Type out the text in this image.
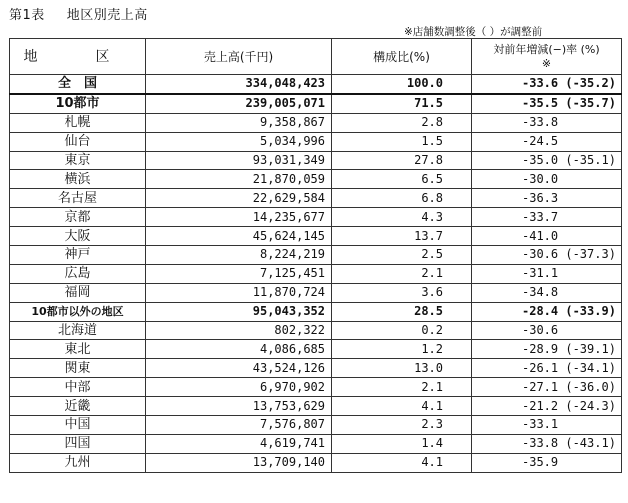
第1表 地区別売上高
※店舗数調整後（ ）が調整前
地　区	売上高(千円)	構成比(%)	対前年増減(−)率 (%)
※

全　国	334,048,423	100.0	-33.6 (-35.2)
10都市	239,005,071	71.5	-35.5 (-35.7)
札幌	9,358,867	2.8	-33.8
仙台	5,034,996	1.5	-24.5
東京	93,031,349	27.8	-35.0 (-35.1)
横浜	21,870,059	6.5	-30.0
名古屋	22,629,584	6.8	-36.3
京都	14,235,677	4.3	-33.7
大阪	45,624,145	13.7	-41.0
神戸	8,224,219	2.5	-30.6 (-37.3)
広島	7,125,451	2.1	-31.1
福岡	11,870,724	3.6	-34.8
10都市以外の地区	95,043,352	28.5	-28.4 (-33.9)
北海道	802,322	0.2	-30.6
東北	4,086,685	1.2	-28.9 (-39.1)
関東	43,524,126	13.0	-26.1 (-34.1)
中部	6,970,902	2.1	-27.1 (-36.0)
近畿	13,753,629	4.1	-21.2 (-24.3)
中国	7,576,807	2.3	-33.1
四国	4,619,741	1.4	-33.8 (-43.1)
九州	13,709,140	4.1	-35.9
